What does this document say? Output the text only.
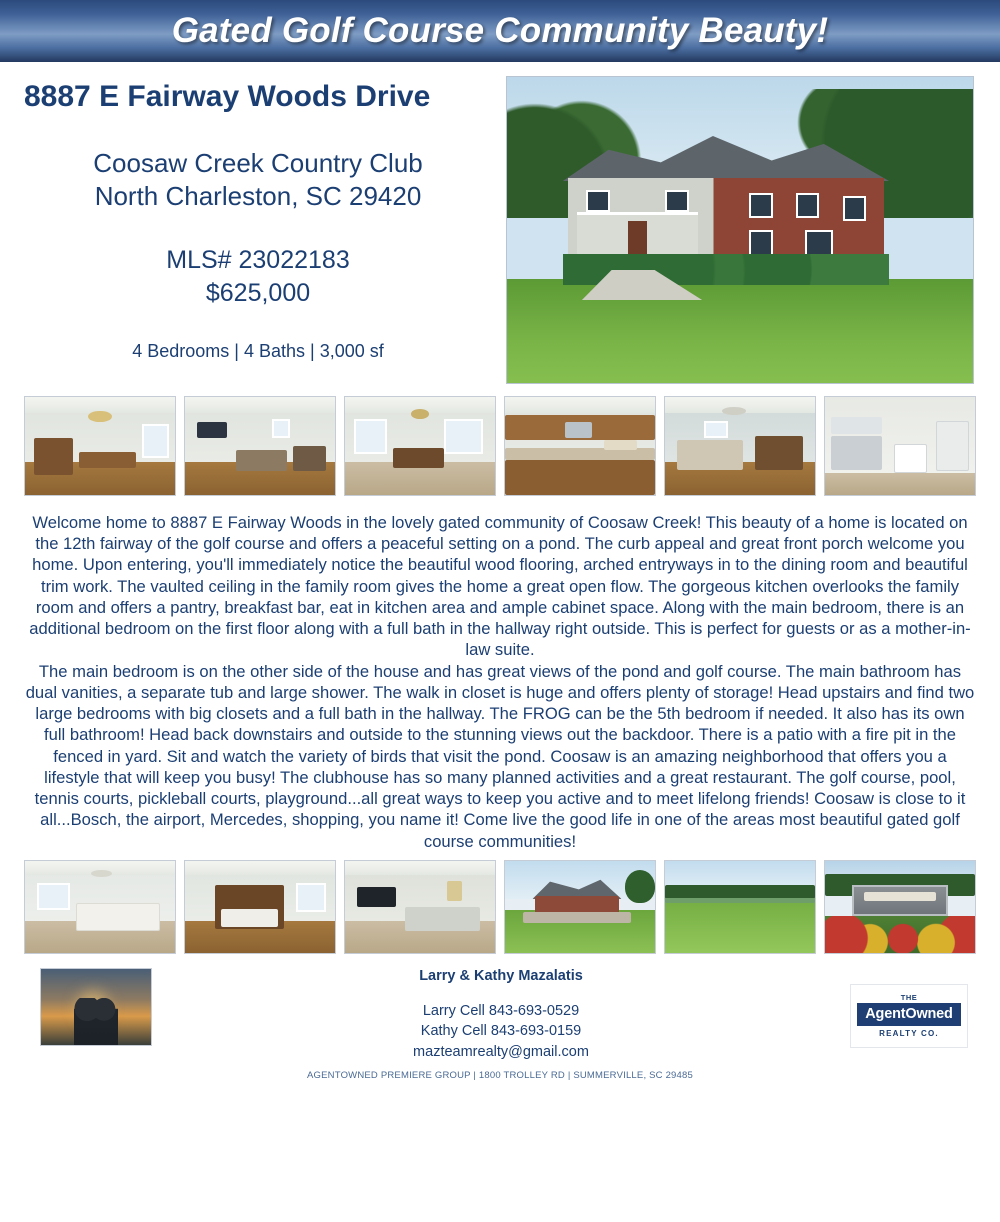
Gated Golf Course Community Beauty!
8887 E Fairway Woods Drive
Coosaw Creek Country Club
North Charleston, SC 29420
MLS# 23022183
$625,000
4 Bedrooms | 4 Baths | 3,000 sf

Welcome home to 8887 E Fairway Woods in the lovely gated community of Coosaw Creek! This beauty of a home is located on the 12th fairway of the golf course and offers a peaceful setting on a pond. The curb appeal and great front porch welcome you home. Upon entering, you'll immediately notice the beautiful wood flooring, arched entryways in to the dining room and beautiful trim work. The vaulted ceiling in the family room gives the home a great open flow. The gorgeous kitchen overlooks the family room and offers a pantry, breakfast bar, eat in kitchen area and ample cabinet space. Along with the main bedroom, there is an additional bedroom on the first floor along with a full bath in the hallway right outside. This is perfect for guests or as a mother-in-law suite.

The main bedroom is on the other side of the house and has great views of the pond and golf course. The main bathroom has dual vanities, a separate tub and large shower. The walk in closet is huge and offers plenty of storage! Head upstairs and find two large bedrooms with big closets and a full bath in the hallway. The FROG can be the 5th bedroom if needed. It also has its own full bathroom! Head back downstairs and outside to the stunning views out the backdoor. There is a patio with a fire pit in the fenced in yard. Sit and watch the variety of birds that visit the pond. Coosaw is an amazing neighborhood that offers you a lifestyle that will keep you busy! The clubhouse has so many planned activities and a great restaurant. The golf course, pool, tennis courts, pickleball courts, playground...all great ways to keep you active and to meet lifelong friends! Coosaw is close to it all...Bosch, the airport, Mercedes, shopping, you name it! Come live the good life in one of the areas most beautiful gated golf course communities!

Larry & Kathy Mazalatis
Larry Cell 843-693-0529
Kathy Cell 843-693-0159
mazteamrealty@gmail.com
THE
AgentOwned
REALTY CO.
AGENTOWNED PREMIERE GROUP | 1800 TROLLEY RD | SUMMERVILLE, SC 29485
